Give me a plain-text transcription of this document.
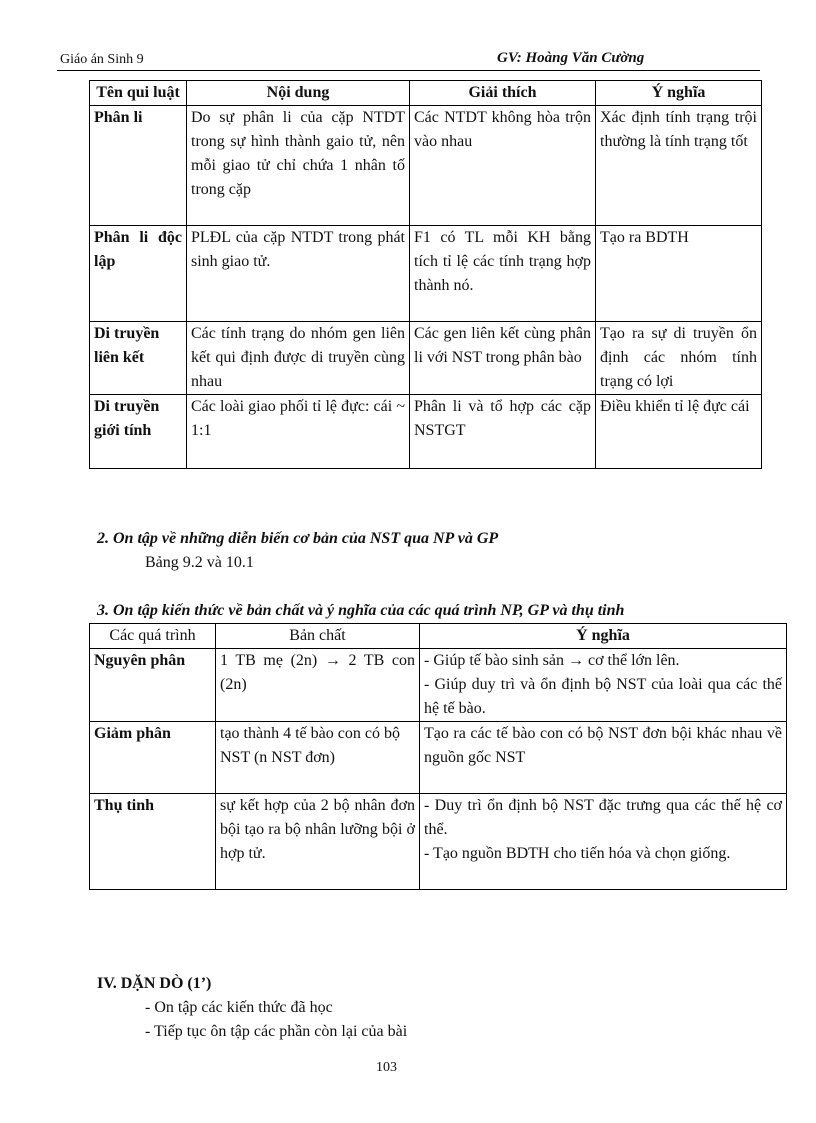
Giáo án Sinh 9	GV: Hoàng Văn Cường
Tên qui luật	Nội dung	Giải thích	Ý nghĩa
Phân li	Do sự phân li của cặp NTDT trong sự hình thành gaio tử, nên mỗi giao tử chỉ chứa 1 nhân tố trong cặp	Các NTDT không hòa trộn vào nhau	Xác định tính trạng trội thường là tính trạng tốt
Phân li độc lập	PLĐL của cặp NTDT trong phát sinh giao tử.	F1 có TL mỗi KH bằng tích tỉ lệ các tính trạng hợp thành nó.	Tạo ra BDTH
Di truyền liên kết	Các tính trạng do nhóm gen liên kết qui định được di truyền cùng nhau	Các gen liên kết cùng phân li với NST trong phân bào	Tạo ra sự di truyền ổn định các nhóm tính trạng có lợi
Di truyền giới tính	Các loài giao phối tỉ lệ đực: cái ~ 1:1	Phân li và tổ hợp các cặp NSTGT	Điều khiển tỉ lệ đực cái
2. On tập về những diễn biến cơ bản của NST qua NP và GP
Bảng 9.2 và 10.1
3. On tập kiến thức về bản chất và ý nghĩa của các quá trình NP, GP và thụ tinh
Các quá trình	Bản chất	Ý nghĩa
Nguyên phân	1 TB mẹ (2n) → 2 TB con (2n)	- Giúp tế bào sinh sản → cơ thể lớn lên.
- Giúp duy trì và ổn định bộ NST của loài qua các thế hệ tế bào.

Giảm phân	tạo thành 4 tế bào con có bộ NST (n NST đơn)	Tạo ra các tế bào con có bộ NST đơn bội khác nhau về nguồn gốc NST

Thụ tinh	sự kết hợp của 2 bộ nhân đơn bội tạo ra bộ nhân lưỡng bội ở hợp tử.	- Duy trì ổn định bộ NST đặc trưng qua các thế hệ cơ thể.
- Tạo nguồn BDTH cho tiến hóa và chọn giống.
IV. DẶN DÒ (1’)
- On tập các kiến thức đã học
- Tiếp tục ôn tập các phần còn lại của bài
103
